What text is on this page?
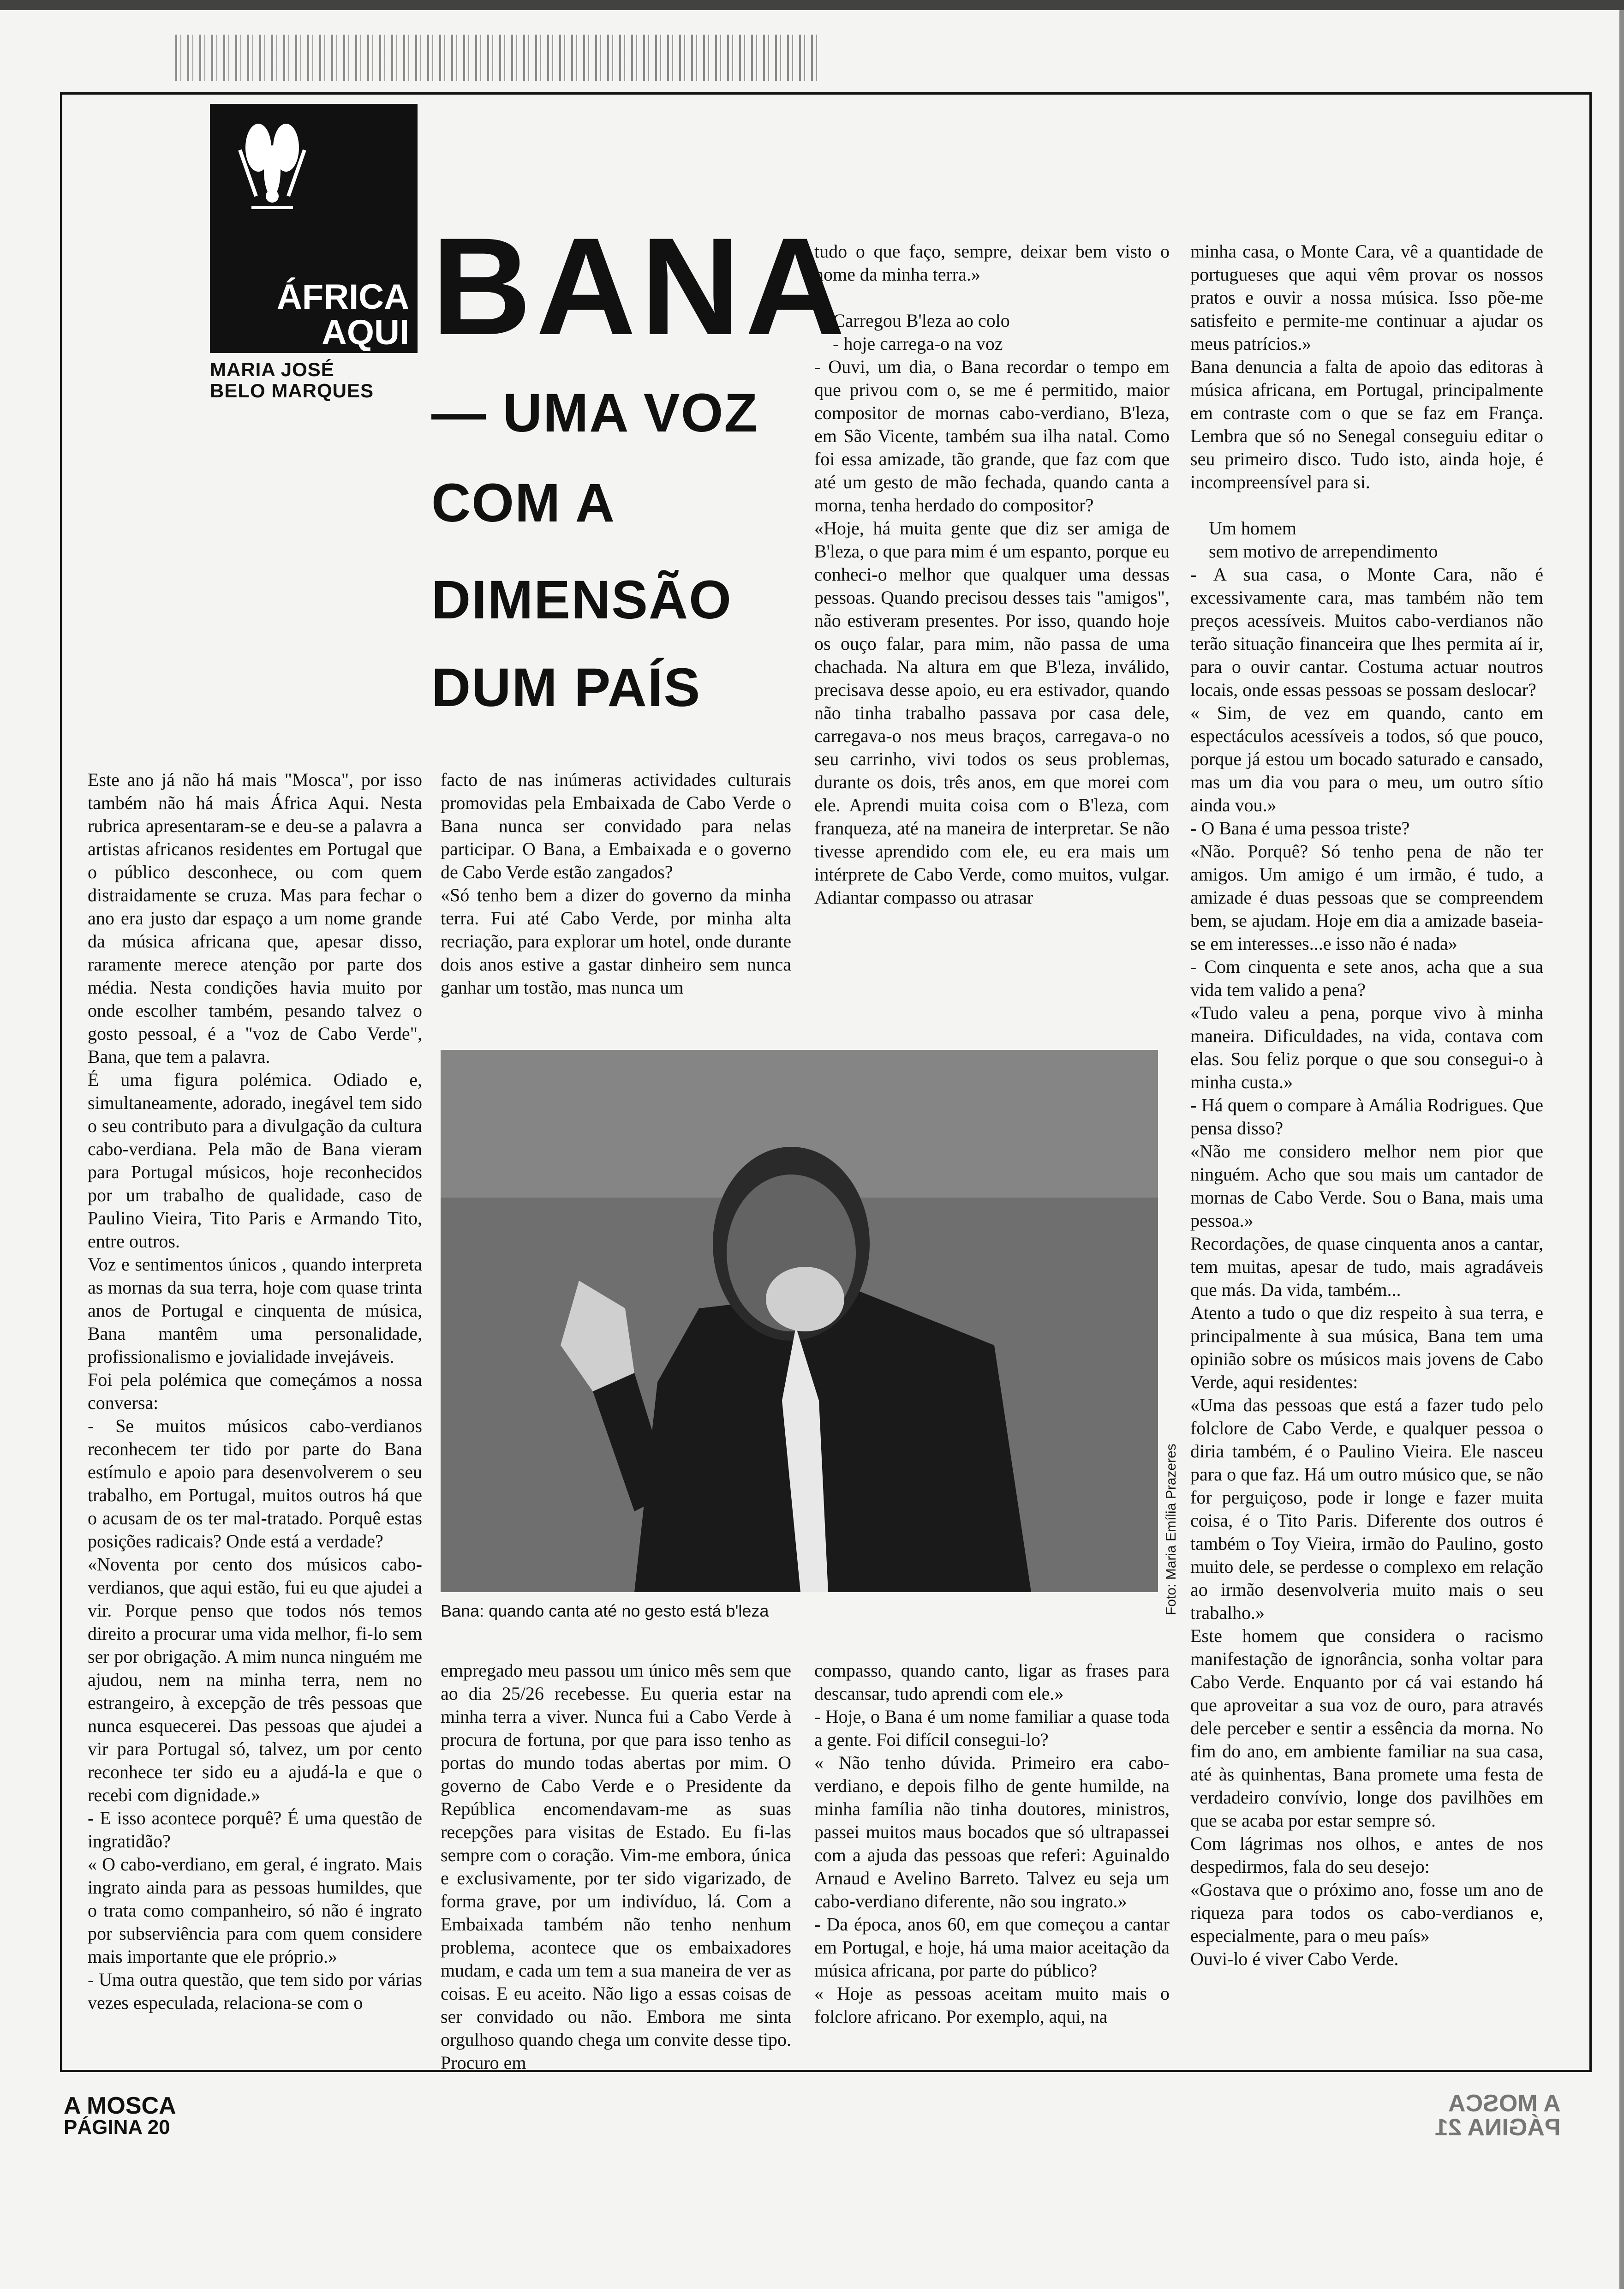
ÁFRICA
AQUI
MARIA JOSÉ
BELO MARQUES
BANA
— UMA VOZ
COM A
DIMENSÃO
DUM PAÍS

Este ano já não há mais "Mosca", por isso também não há mais África Aqui. Nesta rubrica apresentaram-se e deu-se a palavra a artistas africanos residentes em Portugal que o público desconhece, ou com quem distraidamente se cruza. Mas para fechar o ano era justo dar espaço a um nome grande da música africana que, apesar disso, raramente merece atenção por parte dos média. Nesta condições havia muito por onde escolher também, pesando talvez o gosto pessoal, é a "voz de Cabo Verde", Bana, que tem a palavra.

É uma figura polémica. Odiado e, simultaneamente, adorado, inegável tem sido o seu contributo para a divulgação da cultura cabo-verdiana. Pela mão de Bana vieram para Portugal músicos, hoje reconhecidos por um trabalho de qualidade, caso de Paulino Vieira, Tito Paris e Armando Tito, entre outros.

Voz e sentimentos únicos , quando interpreta as mornas da sua terra, hoje com quase trinta anos de Portugal e cinquenta de música, Bana mantêm uma personalidade, profissionalismo e jovialidade invejáveis.

Foi pela polémica que começámos a nossa conversa:

- Se muitos músicos cabo-verdianos reconhecem ter tido por parte do Bana estímulo e apoio para desenvolverem o seu trabalho, em Portugal, muitos outros há que o acusam de os ter mal-tratado. Porquê estas posições radicais? Onde está a verdade?

«Noventa por cento dos músicos cabo-verdianos, que aqui estão, fui eu que ajudei a vir. Porque penso que todos nós temos direito a procurar uma vida melhor, fi-lo sem ser por obrigação. A mim nunca ninguém me ajudou, nem na minha terra, nem no estrangeiro, à excepção de três pessoas que nunca esquecerei. Das pessoas que ajudei a vir para Portugal só, talvez, um por cento reconhece ter sido eu a ajudá-la e que o recebi com dignidade.»

- E isso acontece porquê? É uma questão de ingratidão?

« O cabo-verdiano, em geral, é ingrato. Mais ingrato ainda para as pessoas humildes, que o trata como companheiro, só não é ingrato por subserviência para com quem considere mais importante que ele próprio.»

- Uma outra questão, que tem sido por várias vezes especulada, relaciona-se com o

facto de nas inúmeras actividades culturais promovidas pela Embaixada de Cabo Verde o Bana nunca ser convidado para nelas participar. O Bana, a Embaixada e o governo de Cabo Verde estão zangados?

«Só tenho bem a dizer do governo da minha terra. Fui até Cabo Verde, por minha alta recriação, para explorar um hotel, onde durante dois anos estive a gastar dinheiro sem nunca ganhar um tostão, mas nunca um

empregado meu passou um único mês sem que ao dia 25/26 recebesse. Eu queria estar na minha terra a viver. Nunca fui a Cabo Verde à procura de fortuna, por que para isso tenho as portas do mundo todas abertas por mim. O governo de Cabo Verde e o Presidente da República encomendavam-me as suas recepções para visitas de Estado. Eu fi-las sempre com o coração. Vim-me embora, única e exclusivamente, por ter sido vigarizado, de forma grave, por um indivíduo, lá. Com a Embaixada também não tenho nenhum problema, acontece que os embaixadores mudam, e cada um tem a sua maneira de ver as coisas. E eu aceito. Não ligo a essas coisas de ser convidado ou não. Embora me sinta orgulhoso quando chega um convite desse tipo. Procuro em

tudo o que faço, sempre, deixar bem visto o nome da minha terra.»

Carregou B'leza ao colo

- hoje carrega-o na voz

- Ouvi, um dia, o Bana recordar o tempo em que privou com o, se me é permitido, maior compositor de mornas cabo-verdiano, B'leza, em São Vicente, também sua ilha natal. Como foi essa amizade, tão grande, que faz com que até um gesto de mão fechada, quando canta a morna, tenha herdado do compositor?

«Hoje, há muita gente que diz ser amiga de B'leza, o que para mim é um espanto, porque eu conheci-o melhor que qualquer uma dessas pessoas. Quando precisou desses tais "amigos", não estiveram presentes. Por isso, quando hoje os ouço falar, para mim, não passa de uma chachada. Na altura em que B'leza, inválido, precisava desse apoio, eu era estivador, quando não tinha trabalho passava por casa dele, carregava-o nos meus braços, carregava-o no seu carrinho, vivi todos os seus problemas, durante os dois, três anos, em que morei com ele. Aprendi muita coisa com o B'leza, com franqueza, até na maneira de interpretar. Se não tivesse aprendido com ele, eu era mais um intérprete de Cabo Verde, como muitos, vulgar. Adiantar compasso ou atrasar

compasso, quando canto, ligar as frases para descansar, tudo aprendi com ele.»

- Hoje, o Bana é um nome familiar a quase toda a gente. Foi difícil consegui-lo?

« Não tenho dúvida. Primeiro era cabo-verdiano, e depois filho de gente humilde, na minha família não tinha doutores, ministros, passei muitos maus bocados que só ultrapassei com a ajuda das pessoas que referi: Aguinaldo Arnaud e Avelino Barreto. Talvez eu seja um cabo-verdiano diferente, não sou ingrato.»

- Da época, anos 60, em que começou a cantar em Portugal, e hoje, há uma maior aceitação da música africana, por parte do público?

« Hoje as pessoas aceitam muito mais o folclore africano. Por exemplo, aqui, na

minha casa, o Monte Cara, vê a quantidade de portugueses que aqui vêm provar os nossos pratos e ouvir a nossa música. Isso põe-me satisfeito e permite-me continuar a ajudar os meus patrícios.»

Bana denuncia a falta de apoio das editoras à música africana, em Portugal, principalmente em contraste com o que se faz em França. Lembra que só no Senegal conseguiu editar o seu primeiro disco. Tudo isto, ainda hoje, é incompreensível para si.

Um homem

sem motivo de arrependimento

- A sua casa, o Monte Cara, não é excessivamente cara, mas também não tem preços acessíveis. Muitos cabo-verdianos não terão situação financeira que lhes permita aí ir, para o ouvir cantar. Costuma actuar noutros locais, onde essas pessoas se possam deslocar?

« Sim, de vez em quando, canto em espectáculos acessíveis a todos, só que pouco, porque já estou um bocado saturado e cansado, mas um dia vou para o meu, um outro sítio ainda vou.»

- O Bana é uma pessoa triste?

«Não. Porquê? Só tenho pena de não ter amigos. Um amigo é um irmão, é tudo, a amizade é duas pessoas que se compreendem bem, se ajudam. Hoje em dia a amizade baseia-se em interesses...e isso não é nada»

- Com cinquenta e sete anos, acha que a sua vida tem valido a pena?

«Tudo valeu a pena, porque vivo à minha maneira. Dificuldades, na vida, contava com elas. Sou feliz porque o que sou consegui-o à minha custa.»

- Há quem o compare à Amália Rodrigues. Que pensa disso?

«Não me considero melhor nem pior que ninguém. Acho que sou mais um cantador de mornas de Cabo Verde. Sou o Bana, mais uma pessoa.»

Recordações, de quase cinquenta anos a cantar, tem muitas, apesar de tudo, mais agradáveis que más. Da vida, também...

Atento a tudo o que diz respeito à sua terra, e principalmente à sua música, Bana tem uma opinião sobre os músicos mais jovens de Cabo Verde, aqui residentes:

«Uma das pessoas que está a fazer tudo pelo folclore de Cabo Verde, e qualquer pessoa o diria também, é o Paulino Vieira. Ele nasceu para o que faz. Há um outro músico que, se não for perguiçoso, pode ir longe e fazer muita coisa, é o Tito Paris. Diferente dos outros é também o Toy Vieira, irmão do Paulino, gosto muito dele, se perdesse o complexo em relação ao irmão desenvolveria muito mais o seu trabalho.»

Este homem que considera o racismo manifestação de ignorância, sonha voltar para Cabo Verde. Enquanto por cá vai estando há que aproveitar a sua voz de ouro, para através dele perceber e sentir a essência da morna. No fim do ano, em ambiente familiar na sua casa, até às quinhentas, Bana promete uma festa de verdadeiro convívio, longe dos pavilhões em que se acaba por estar sempre só.

Com lágrimas nos olhos, e antes de nos despedirmos, fala do seu desejo:

«Gostava que o próximo ano, fosse um ano de riqueza para todos os cabo-verdianos e, especialmente, para o meu país»

Ouvi-lo é viver Cabo Verde.

Foto: Maria Emília Prazeres
Bana: quando canta até no gesto está b'leza
A MOSCA
PÁGINA 20
A MOSCA
PÁGINA 21
